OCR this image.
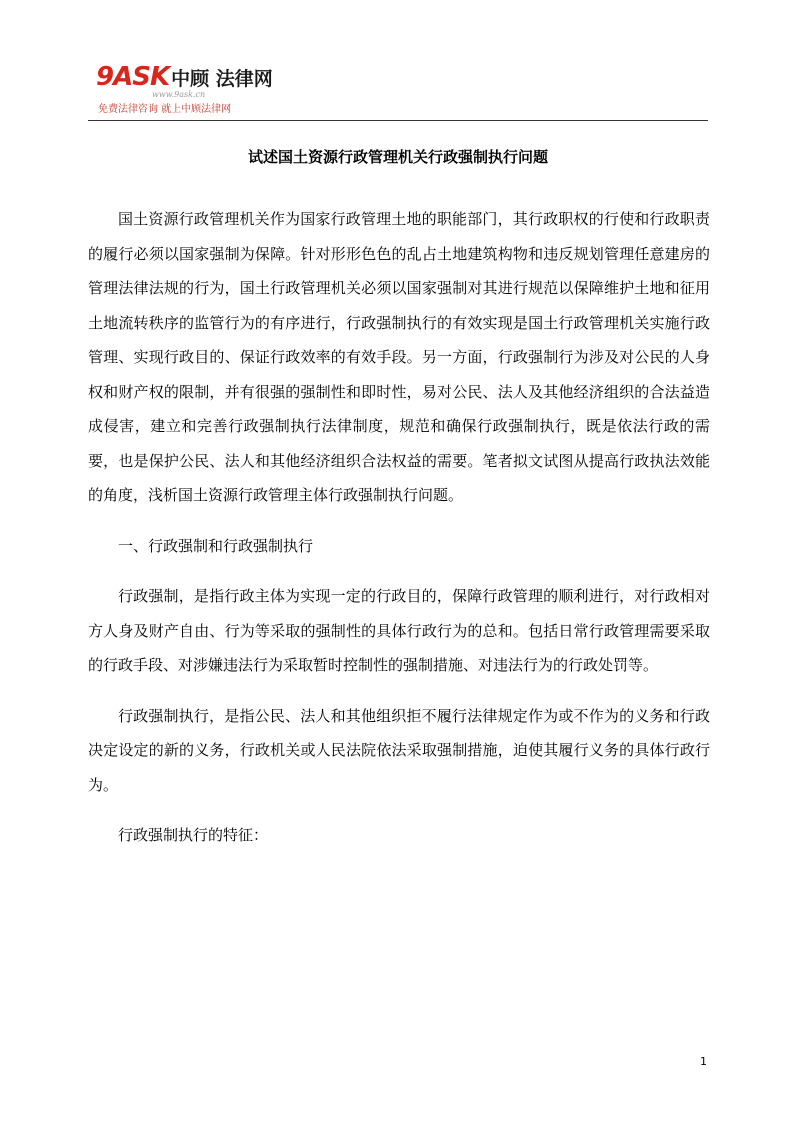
9ASK 中顾 法律网
www.9ask.cn
免费法律咨询 就上中顾法律网
试述国土资源行政管理机关行政强制执行问题

国土资源行政管理机关作为国家行政管理土地的职能部门，其行政职权的行使和行政职责的履行必须以国家强制为保障。针对形形色色的乱占土地建筑构物和违反规划管理任意建房的管理法律法规的行为，国土行政管理机关必须以国家强制对其进行规范以保障维护土地和征用土地流转秩序的监管行为的有序进行，行政强制执行的有效实现是国土行政管理机关实施行政管理、实现行政目的、保证行政效率的有效手段。另一方面，行政强制行为涉及对公民的人身权和财产权的限制，并有很强的强制性和即时性，易对公民、法人及其他经济组织的合法益造成侵害，建立和完善行政强制执行法律制度，规范和确保行政强制执行，既是依法行政的需要，也是保护公民、法人和其他经济组织合法权益的需要。笔者拟文试图从提高行政执法效能的角度，浅析国土资源行政管理主体行政强制执行问题。

一、行政强制和行政强制执行

行政强制，是指行政主体为实现一定的行政目的，保障行政管理的顺利进行，对行政相对方人身及财产自由、行为等采取的强制性的具体行政行为的总和。包括日常行政管理需要采取的行政手段、对涉嫌违法行为采取暂时控制性的强制措施、对违法行为的行政处罚等。

行政强制执行，是指公民、法人和其他组织拒不履行法律规定作为或不作为的义务和行政决定设定的新的义务，行政机关或人民法院依法采取强制措施，迫使其履行义务的具体行政行为。

行政强制执行的特征：

1
